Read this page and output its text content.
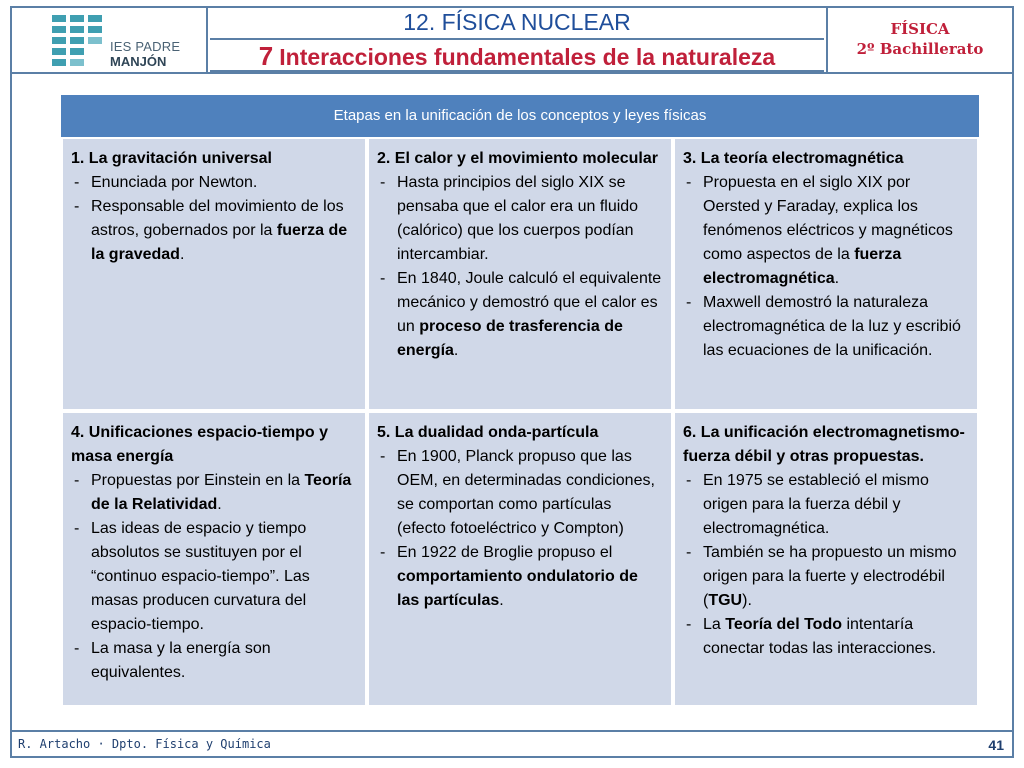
IES PADRE
MANJÓN
12. FÍSICA NUCLEAR
7 Interacciones fundamentales de la naturaleza
FÍSICA
2º Bachillerato
Etapas en la unificación de los conceptos y leyes físicas
1. La gravitación universal
- Enunciada por Newton.
- Responsable del movimiento de los astros, gobernados por la fuerza de la gravedad.
2. El calor y el movimiento molecular
- Hasta principios del siglo XIX se pensaba que el calor era un fluido (calórico) que los cuerpos podían intercambiar.
- En 1840, Joule calculó el equivalente mecánico y demostró que el calor es un proceso de trasferencia de energía.
3. La teoría electromagnética
- Propuesta en el siglo XIX por Oersted y Faraday, explica los fenómenos eléctricos y magnéticos como aspectos de la fuerza electromagnética.
- Maxwell demostró la naturaleza electromagnética de la luz y escribió las ecuaciones de la unificación.
4. Unificaciones espacio-tiempo y masa energía
- Propuestas por Einstein en la Teoría de la Relatividad.
- Las ideas de espacio y tiempo absolutos se sustituyen por el “continuo espacio-tiempo”. Las masas producen curvatura del espacio-tiempo.
- La masa y la energía son equivalentes.
5. La dualidad onda-partícula
- En 1900, Planck propuso que las OEM, en determinadas condiciones, se comportan como partículas (efecto fotoeléctrico y Compton)
- En 1922 de Broglie propuso el comportamiento ondulatorio de las partículas.
6. La unificación electromagnetismo-fuerza débil y otras propuestas.
- En 1975 se estableció el mismo origen para la fuerza débil y electromagnética.
- También se ha propuesto un mismo origen para la fuerte y electrodébil (TGU).
- La Teoría del Todo intentaría conectar todas las interacciones.
R. Artacho · Dpto. Física y Química	41
